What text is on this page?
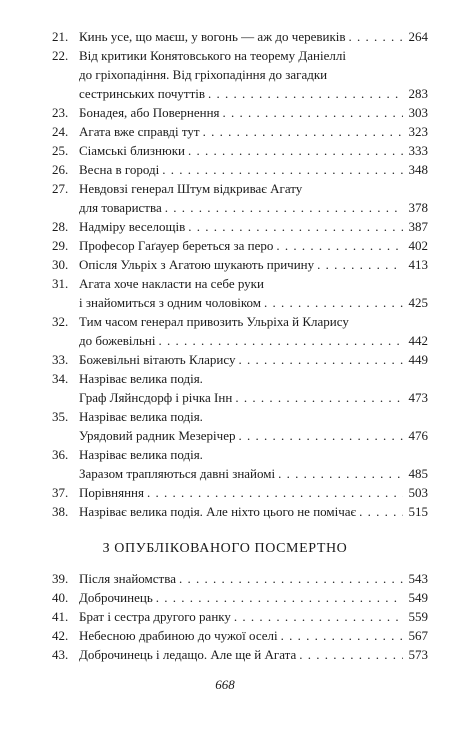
21. Кинь усе, що маєш, у вогонь — аж до черевиків . . .	264
22. Від критики Конятовського на теорему Даніеллі
до гріхопадіння. Від гріхопадіння до загадки
сестринських почуттів . . .	283
23. Бонадея, або Повернення . . .	303
24. Агата вже справді тут . . .	323
25. Сіамські близнюки . . .	333
26. Весна в городі . . .	348
27. Невдовзі генерал Штум відкриває Агату
для товариства . . .	378
28. Надміру веселощів . . .	387
29. Професор Гаґауер береться за перо . . .	402
30. Опісля Ульріх з Агатою шукають причину . . .	413
31. Агата хоче накласти на себе руки
і знайомиться з одним чоловіком . . .	425
32. Тим часом генерал привозить Ульріха й Кларису
до божевільні . . .	442
33. Божевільні вітають Кларису . . .	449
34. Назріває велика подія.
Граф Ляйнсдорф і річка Інн . . .	473
35. Назріває велика подія.
Урядовий радник Мезерічер . . .	476
36. Назріває велика подія.
Заразом трапляються давні знайомі . . .	485
37. Порівняння . . .	503
38. Назріває велика подія. Але ніхто цього не помічає . . .	515
З ОПУБЛІКОВАНОГО ПОСМЕРТНО
39. Після знайомства . . .	543
40. Доброчинець . . .	549
41. Брат і сестра другого ранку . . .	559
42. Небесною драбиною до чужої оселі . . .	567
43. Доброчинець і ледащо. Але ще й Агата . . .	573
668
